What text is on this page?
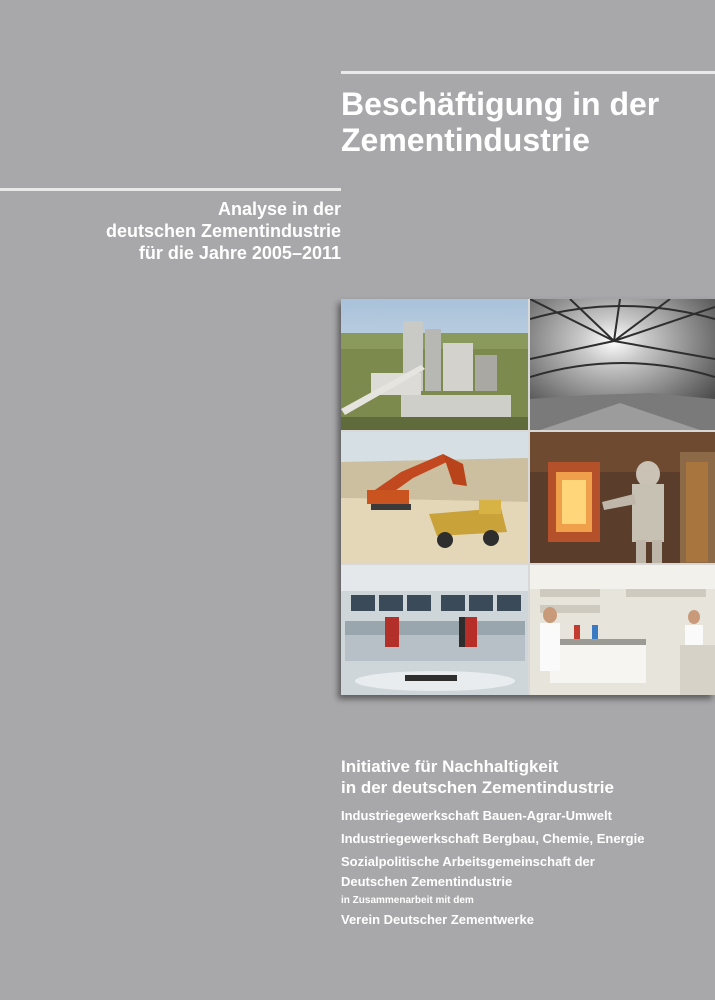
Beschäftigung in der
Zementindustrie
Analyse in der
deutschen Zementindustrie
für die Jahre 2005–2011
Initiative für Nachhaltigkeit
in der deutschen Zementindustrie
Industriegewerkschaft Bauen-Agrar-Umwelt
Industriegewerkschaft Bergbau, Chemie, Energie
Sozialpolitische Arbeitsgemeinschaft der
Deutschen Zementindustrie
in Zusammenarbeit mit dem
Verein Deutscher Zementwerke
